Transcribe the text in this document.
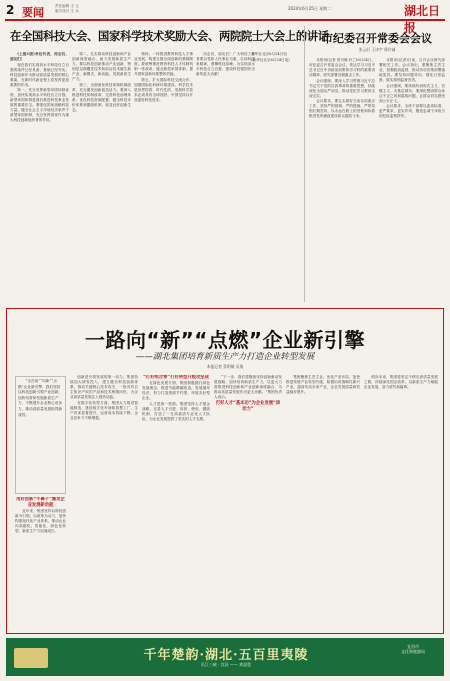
2 要闻	责任编辑 王 元
版式设计 王 兵	2024年6月25日 星期二	湖北日报
在全国科技大会、国家科学技术奖励大会、两院院士大会上的讲话

(上接1版)各位代表，同志们、朋友们！

现在我们实现高水平科技自立自强的条件已经具备、基础已经夯实。科技创新作为推动高质量发展的核心要素，在新时代新征程上将发挥更加重要的作用。

第一，充分发挥新型举国体制优势，加快实现高水平科技自立自强。新型举国体制是我们推进科技事业发展的重要法宝。要强化国家战略科技力量，健全社会主义市场经济条件下新型举国体制，充分发挥国家作为重大科技创新组织者的作用。

第二，扎实推动科技创新和产业创新深度融合，助力发展新质生产力。要以科技创新推动产业创新，特别是以颠覆性技术和前沿技术催生新产业、新模式、新动能，发展新质生产力。

第三，全面深化科技体制机制改革，充分激发创新创造活力。要深入推进科技体制改革，完善科技治理体系，优化科技资源配置，健全科技评价体系和激励机制，营造良好创新生态。

第四，一体推进教育科技人才事业发展，构建支撑全面创新的基础制度。要统筹推进教育科技人才体制机制一体改革，健全新型举国体制，提升国家创新体系整体效能。

第五，扩大国际科技交流合作，加强国际化科研环境建设。科学技术是世界性的、时代性的，发展科学技术必须具有全球视野。中国坚持以开放促进科技进步。

同志们、朋友们！广大科技工作者要以党和人民事业为重，弘扬科学家精神，勇攀科技高峰，为实现高水平科技自立自强、建设科技强国作出新的更大贡献！

新华社北京6月24日电

(新华社北京6月24日电)

市纪委召开常委会会议
张云衍 王诗宇 郑许诚

本报讯(记者 蔡可赋 叶兰)6月24日，市纪委召开常委会会议，传达学习习近平总书记在中央政治局集体学习时的重要讲话精神，研究部署近期重点工作。

会议强调，要深入学习贯彻习近平总书记关于党的自我革命的重要思想，持续深化全面从严治党，推动党纪学习教育走深走实。

会议要求，要扎实做好当前各项重点工作，坚持严的基调、严的措施、严的氛围长期坚持，以永远在路上的坚韧和执着推进党风廉政建设和反腐败斗争。

本报讯(记者)日前，召开会议研究部署相关工作。会议指出，要聚焦主责主业，加强政治监督，推动各项决策部署落地见效。要坚持问题导向，强化日常监督，做实做细监督首责。

会议强调，要持续纠治形式主义、官僚主义，为基层减负；要深化整治群众身边不正之风和腐败问题，让群众切实感受到公平正义。

会议要求，全体干部要以更高标准、更严要求、更实作风，锻造忠诚干净担当的纪检监察铁军。

一路向“新”“点燃”企业新引擎
——湖北集团培育新质生产力打造企业转型发展
本报记者 蔡明敏 吴倩

“走在前”“向新”“点燃”企业新引擎，我们坚持以科技创新引领产业创新，加快培育和发展新质生产力，不断提升企业核心竞争力，推动高质量发展取得新成效。

用好创新“牛鼻子”激发企业发展新动能

近年来，集团坚持以科技创新为引领，以改革为动力，加快构建现代化产业体系，推动企业向高端化、智能化、绿色化转型，新质生产力加速成长。

创新是引领发展的第一动力。集团持续加大研发投入，建立健全科技创新体系，推动关键核心技术攻关，一批具有自主知识产权的产品和技术相继问世，为企业高质量发展注入强劲动能。

在数字化转型方面，集团大力推进智能制造，建设数字化车间和智慧工厂，生产效率显著提升，运营成本持续下降，企业竞争力不断增强。

“打好组合拳”打好转型升级攻坚战

在绿色发展方面，集团积极践行绿色发展理念，推进节能降碳改造，发展循环经济，努力打造资源节约型、环境友好型企业。

人才是第一资源。集团坚持人才强企战略，完善人才引进、培养、使用、激励机制，打造了一支高素质专业化人才队伍，为企业发展提供了坚实的人才支撑。

“下一步，我们将继续坚持创新驱动发展战略，加快培育新质生产力，以更大力度推进科技创新和产业创新深度融合，为推动高质量发展作出更大贡献。”集团负责人表示。

打好人才“基本功”为企业发展“添动力”

集团聚焦主责主业，优化产业布局，加快推进传统产业转型升级，积极培育战略性新兴产业，超前布局未来产业，企业发展质量和效益稳步提升。

面向未来，集团将坚定不移走高质量发展之路，持续深化国企改革，以新质生产力赋能企业发展，奋力谱写新篇章。

千年楚韵·湖北·五百里夷陵
长江三峡 · 宜昌 —— 欢迎您
宜昌市
文化和旅游局
